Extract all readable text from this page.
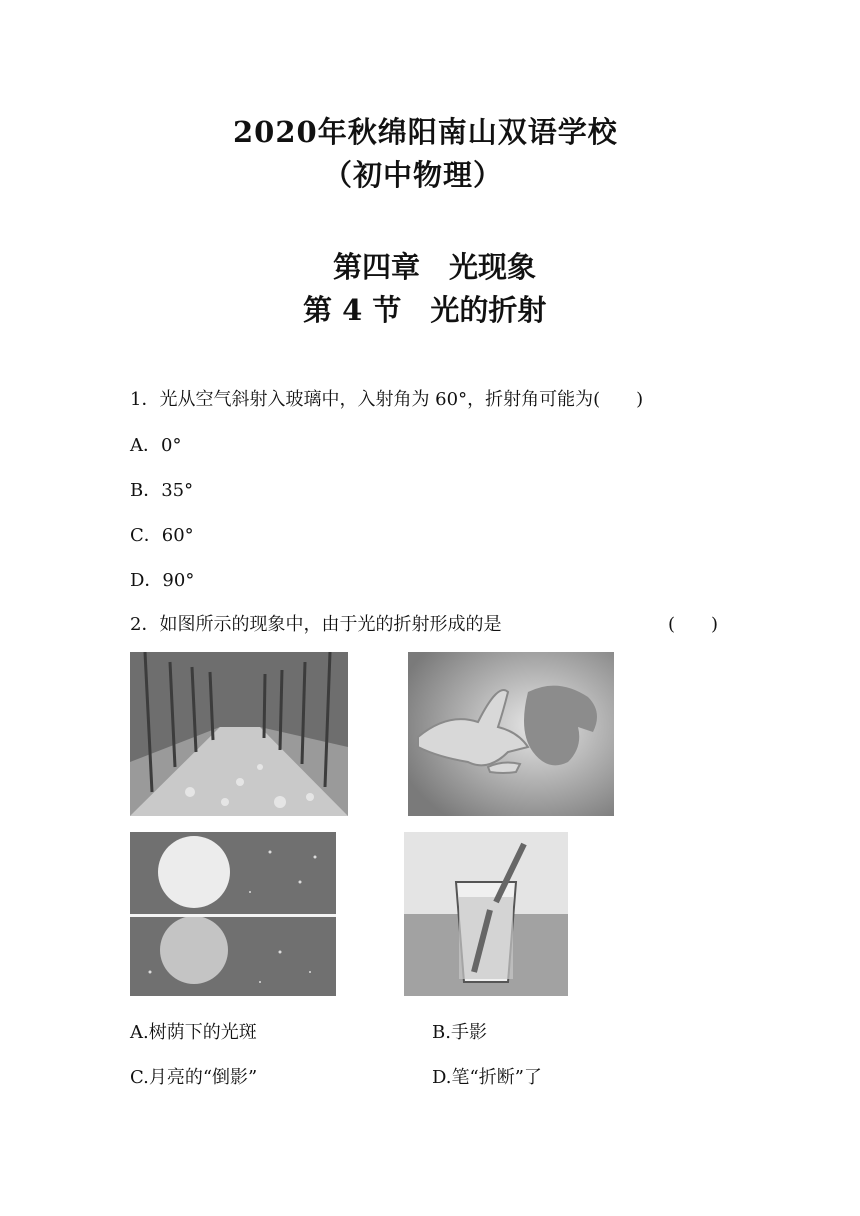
2020年秋绵阳南山双语学校
（初中物理）
第四章　光现象
第 4 节　光的折射
1．光从空气斜射入玻璃中，入射角为 60°，折射角可能为(　　)
A．0°
B．35°
C．60°
D．90°
2．如图所示的现象中，由于光的折射形成的是	(　　)
A.树荫下的光斑	B.手影
C.月亮的“倒影”	D.笔“折断”了
